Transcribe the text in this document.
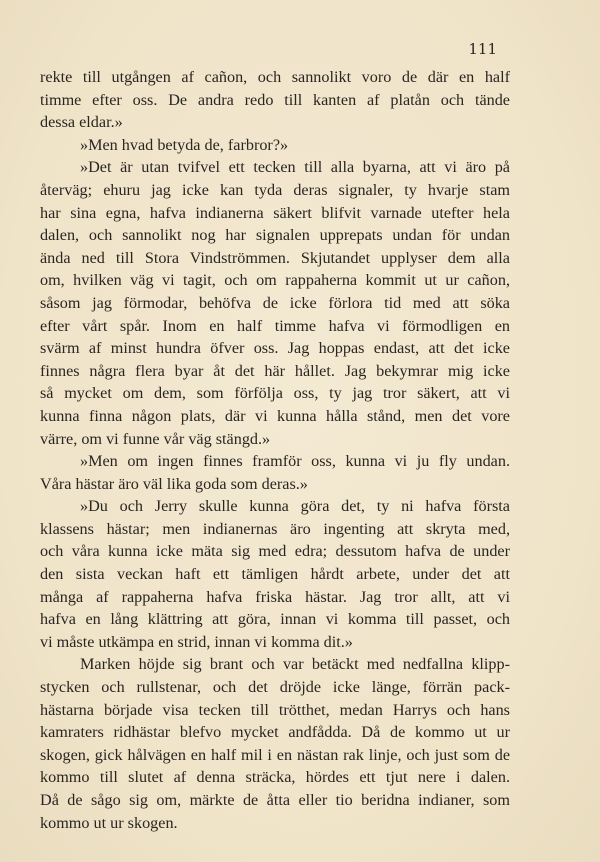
111

rekte till utgången af cañon, och sannolikt voro de där en half
timme efter oss. De andra redo till kanten af platån och tände
dessa eldar.»
»Men hvad betyda de, farbror?»
»Det är utan tvifvel ett tecken till alla byarna, att vi äro på
återväg; ehuru jag icke kan tyda deras signaler, ty hvarje stam
har sina egna, hafva indianerna säkert blifvit varnade utefter hela
dalen, och sannolikt nog har signalen upprepats undan för undan
ända ned till Stora Vindströmmen. Skjutandet upplyser dem alla
om, hvilken väg vi tagit, och om rappaherna kommit ut ur cañon,
såsom jag förmodar, behöfva de icke förlora tid med att söka
efter vårt spår. Inom en half timme hafva vi förmodligen en
svärm af minst hundra öfver oss. Jag hoppas endast, att det icke
finnes några flera byar åt det här hållet. Jag bekymrar mig icke
så mycket om dem, som förfölja oss, ty jag tror säkert, att vi
kunna finna någon plats, där vi kunna hålla stånd, men det vore
värre, om vi funne vår väg stängd.»
»Men om ingen finnes framför oss, kunna vi ju fly undan.
Våra hästar äro väl lika goda som deras.»
»Du och Jerry skulle kunna göra det, ty ni hafva första
klassens hästar; men indianernas äro ingenting att skryta med,
och våra kunna icke mäta sig med edra; dessutom hafva de under
den sista veckan haft ett tämligen hårdt arbete, under det att
många af rappaherna hafva friska hästar. Jag tror allt, att vi
hafva en lång klättring att göra, innan vi komma till passet, och
vi måste utkämpa en strid, innan vi komma dit.»
Marken höjde sig brant och var betäckt med nedfallna klipp-
stycken och rullstenar, och det dröjde icke länge, förrän pack-
hästarna började visa tecken till trötthet, medan Harrys och hans
kamraters ridhästar blefvo mycket andfådda. Då de kommo ut ur
skogen, gick hålvägen en half mil i en nästan rak linje, och just som de
kommo till slutet af denna sträcka, hördes ett tjut nere i dalen.
Då de sågo sig om, märkte de åtta eller tio beridna indianer, som
kommo ut ur skogen.
